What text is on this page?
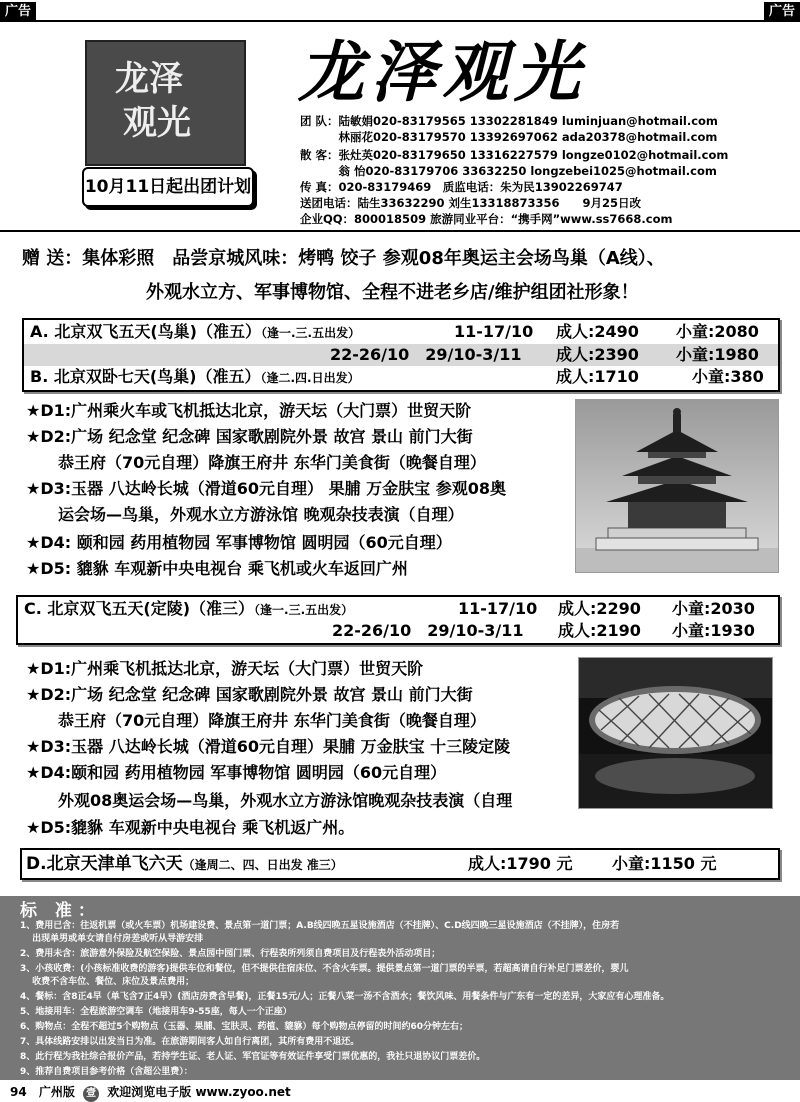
广告	广告
龙泽
观光
10月11日起出团计划
龙泽观光
团 队：陆敏娟020-83179565 13302281849 luminjuan@hotmail.com
　　　 林丽花020-83179570 13392697062 ada20378@hotmail.com
散 客：张灶英020-83179650 13316227579 longze0102@hotmail.com
　　　 翁 怡020-83179706 33632250 longzebei1025@hotmail.com
传 真：020-83179469　质监电话：朱为民13902269747
送团电话：陆生33632290 刘生13318873356　　9月25日改
企业QQ：800018509 旅游同业平台：“携手网”www.ss7668.com
赠 送：集体彩照　品尝京城风味：烤鸭 饺子 参观08年奥运主会场鸟巢（A线）、
外观水立方、军事博物馆、全程不进老乡店/维护组团社形象！
A. 北京双飞五天(鸟巢)（准五）（逢一.三.五出发）	11-17/10 成人:2490 小童:2080
22-26/10　29/10-3/11 成人:2390 小童:1980
B. 北京双卧七天(鸟巢)（准五）（逢二.四.日出发）	成人:1710	小童:380
★D1:广州乘火车或飞机抵达北京，游天坛（大门票）世贸天阶
★D2:广场 纪念堂 纪念碑 国家歌剧院外景 故宫 景山 前门大街
　　恭王府（70元自理）降旗王府井 东华门美食街（晚餐自理）
★D3:玉器 八达岭长城（滑道60元自理） 果脯 万金肤宝 参观08奥
　　运会场—鸟巢，外观水立方游泳馆 晚观杂技表演（自理）
★D4: 颐和园 药用植物园 军事博物馆 圆明园（60元自理）
★D5: 貔貅 车观新中央电视台 乘飞机或火车返回广州
C. 北京双飞五天(定陵)（准三）（逢一.三.五出发）	11-17/10 成人:2290 小童:2030
22-26/10　29/10-3/11 成人:2190 小童:1930
★D1:广州乘飞机抵达北京，游天坛（大门票）世贸天阶
★D2:广场 纪念堂 纪念碑 国家歌剧院外景 故宫 景山 前门大街
　　恭王府（70元自理）降旗王府井 东华门美食街（晚餐自理）
★D3:玉器 八达岭长城（滑道60元自理）果脯 万金肤宝 十三陵定陵
★D4:颐和园 药用植物园 军事博物馆 圆明园（60元自理）
　　外观08奥运会场—鸟巢，外观水立方游泳馆晚观杂技表演（自理
★D5:貔貅 车观新中央电视台 乘飞机返广州。
D.北京天津单飞六天（逢周二、四、日出发 准三）	成人:1790 元 小童:1150 元
标 准：
1、费用已含：往返机票（或火车票）机场建设费、景点第一道门票；A.B线四晚五星设施酒店（不挂牌）、C.D线四晚三星设施酒店（不挂牌），住房若
　 出现单男或单女请自付房差或听从导游安排
2、费用未含：旅游意外保险及航空保险、景点园中园门票、行程表所列须自费项目及行程表外活动项目；
3、小孩收费：(小孩标准收费的游客)提供车位和餐位，但不提供住宿床位、不含火车票。提供景点第一道门票的半票，若超高请自行补足门票差价，婴儿
　 收费不含车位、餐位、床位及景点费用；
4、餐标：含8正4早（单飞含7正4早）(酒店房费含早餐)，正餐15元/人；正餐八菜一汤不含酒水；餐饮风味、用餐条件与广东有一定的差异，大家应有心理准备。
5、地接用车：全程旅游空调车（地接用车9-55座，每人一个正座）
6、购物点：全程不超过5个购物点（玉器、果脯、宝肤灵、药植、貔貅）每个购物点停留的时间约60分钟左右；
7、具体线路安排以出发当日为准。在旅游期间客人如自行离团，其所有费用不退还。
8、此行程为我社综合报价产品，若持学生证、老人证、军官证等有效证件享受门票优惠的，我社只退协议门票差价。
9、推荐自费项目参考价格（含超公里费）：
94 广州版 壹 欢迎浏览电子版 www.zyoo.net
